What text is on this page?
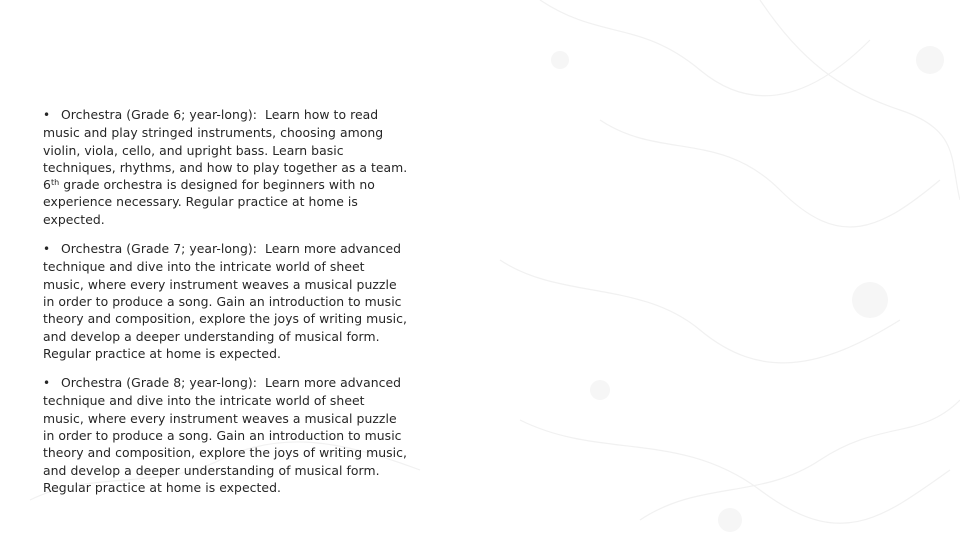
• Orchestra (Grade 6; year-long): Learn how to read music and play stringed instruments, choosing among violin, viola, cello, and upright bass. Learn basic techniques, rhythms, and how to play together as a team. 6th grade orchestra is designed for beginners with no experience necessary. Regular practice at home is expected.

• Orchestra (Grade 7; year-long): Learn more advanced technique and dive into the intricate world of sheet music, where every instrument weaves a musical puzzle in order to produce a song. Gain an introduction to music theory and composition, explore the joys of writing music, and develop a deeper understanding of musical form. Regular practice at home is expected.

• Orchestra (Grade 8; year-long): Learn more advanced technique and dive into the intricate world of sheet music, where every instrument weaves a musical puzzle in order to produce a song. Gain an introduction to music theory and composition, explore the joys of writing music, and develop a deeper understanding of musical form. Regular practice at home is expected.
